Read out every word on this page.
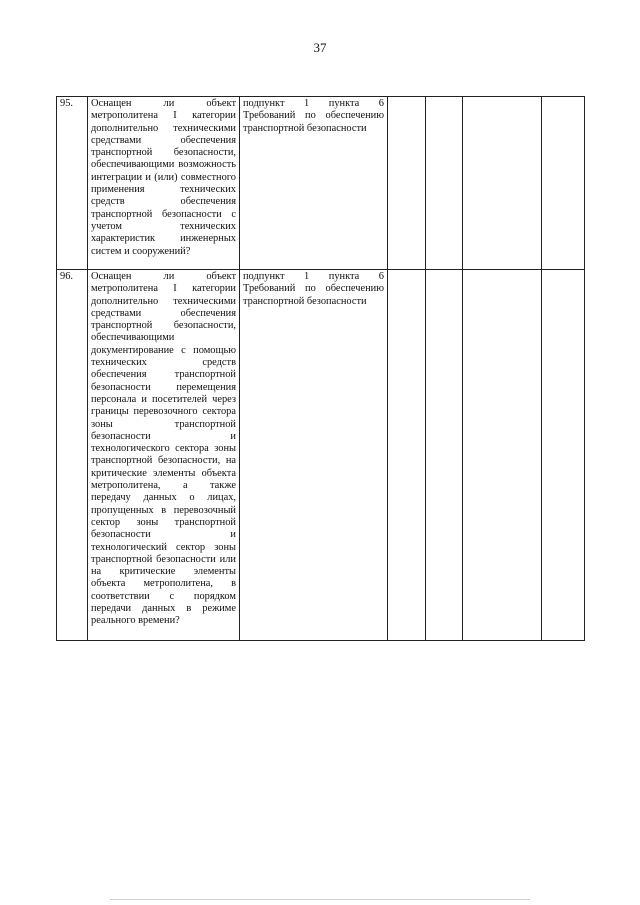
37
95.	Оснащен ли объект метрополитена I категории дополнительно техническими средствами обеспечения транспортной безопасности, обеспечивающими возможность интеграции и (или) совместного применения технических средств обеспечения транспортной безопасности с учетом технических характеристик инженерных систем и сооружений?	подпункт 1 пункта 6 Требований по обеспечению транспортной безопасности				
96.	Оснащен ли объект метрополитена I категории дополнительно техническими средствами обеспечения транспортной безопасности, обеспечивающими документирование с помощью технических средств обеспечения транспортной безопасности перемещения персонала и посетителей через границы перевозочного сектора зоны транспортной безопасности и технологического сектора зоны транспортной безопасности, на критические элементы объекта метрополитена, а также передачу данных о лицах, пропущенных в перевозочный сектор зоны транспортной безопасности и технологический сектор зоны транспортной безопасности или на критические элементы объекта метрополитена, в соответствии с порядком передачи данных в режиме реального времени?	подпункт 1 пункта 6 Требований по обеспечению транспортной безопасности				
